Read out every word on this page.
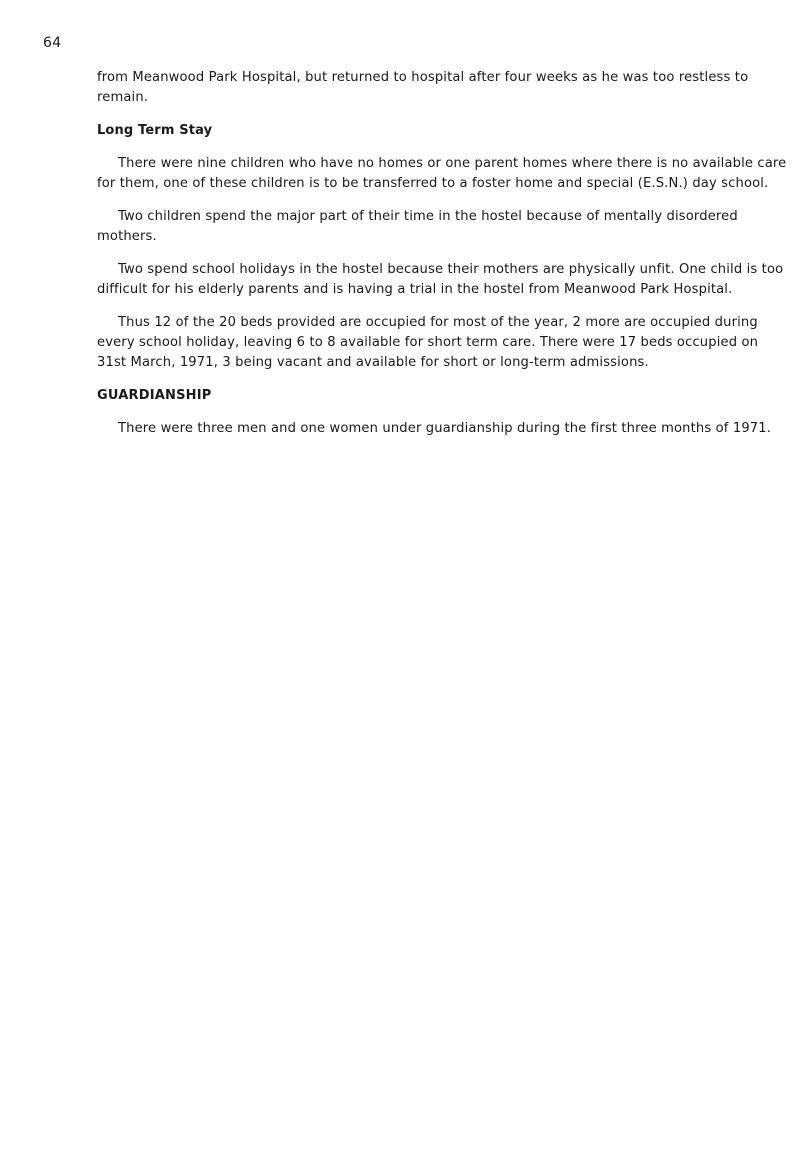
64

from Meanwood Park Hospital, but returned to hospital after four weeks as he was too restless to remain.

Long Term Stay

There were nine children who have no homes or one parent homes where there is no available care for them, one of these children is to be transferred to a foster home and special (E.S.N.) day school.

Two children spend the major part of their time in the hostel because of mentally disordered mothers.

Two spend school holidays in the hostel because their mothers are physically unfit. One child is too difficult for his elderly parents and is having a trial in the hostel from Meanwood Park Hospital.

Thus 12 of the 20 beds provided are occupied for most of the year, 2 more are occupied during every school holiday, leaving 6 to 8 available for short term care. There were 17 beds occupied on 31st March, 1971, 3 being vacant and available for short or long-term admissions.

GUARDIANSHIP

There were three men and one women under guardianship during the first three months of 1971.
